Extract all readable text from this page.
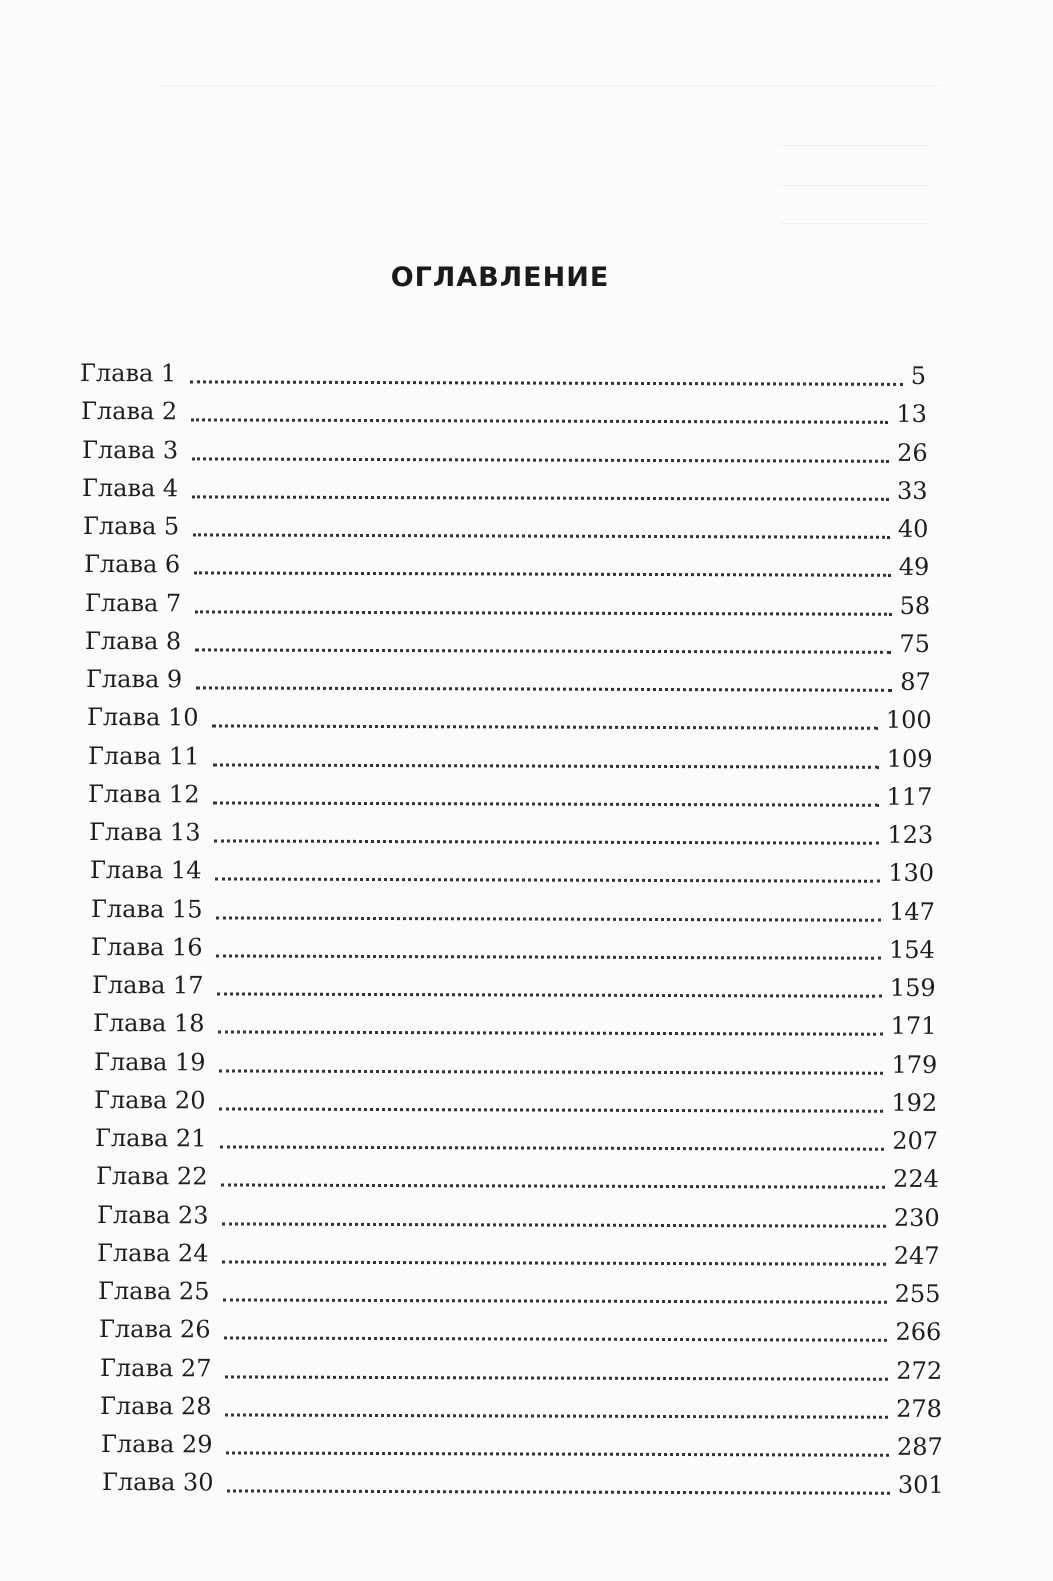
ОГЛАВЛЕНИЕ
Глава 1	5
Глава 2	13
Глава 3	26
Глава 4	33
Глава 5	40
Глава 6	49
Глава 7	58
Глава 8	75
Глава 9	87
Глава 10	100
Глава 11	109
Глава 12	117
Глава 13	123
Глава 14	130
Глава 15	147
Глава 16	154
Глава 17	159
Глава 18	171
Глава 19	179
Глава 20	192
Глава 21	207
Глава 22	224
Глава 23	230
Глава 24	247
Глава 25	255
Глава 26	266
Глава 27	272
Глава 28	278
Глава 29	287
Глава 30	301
